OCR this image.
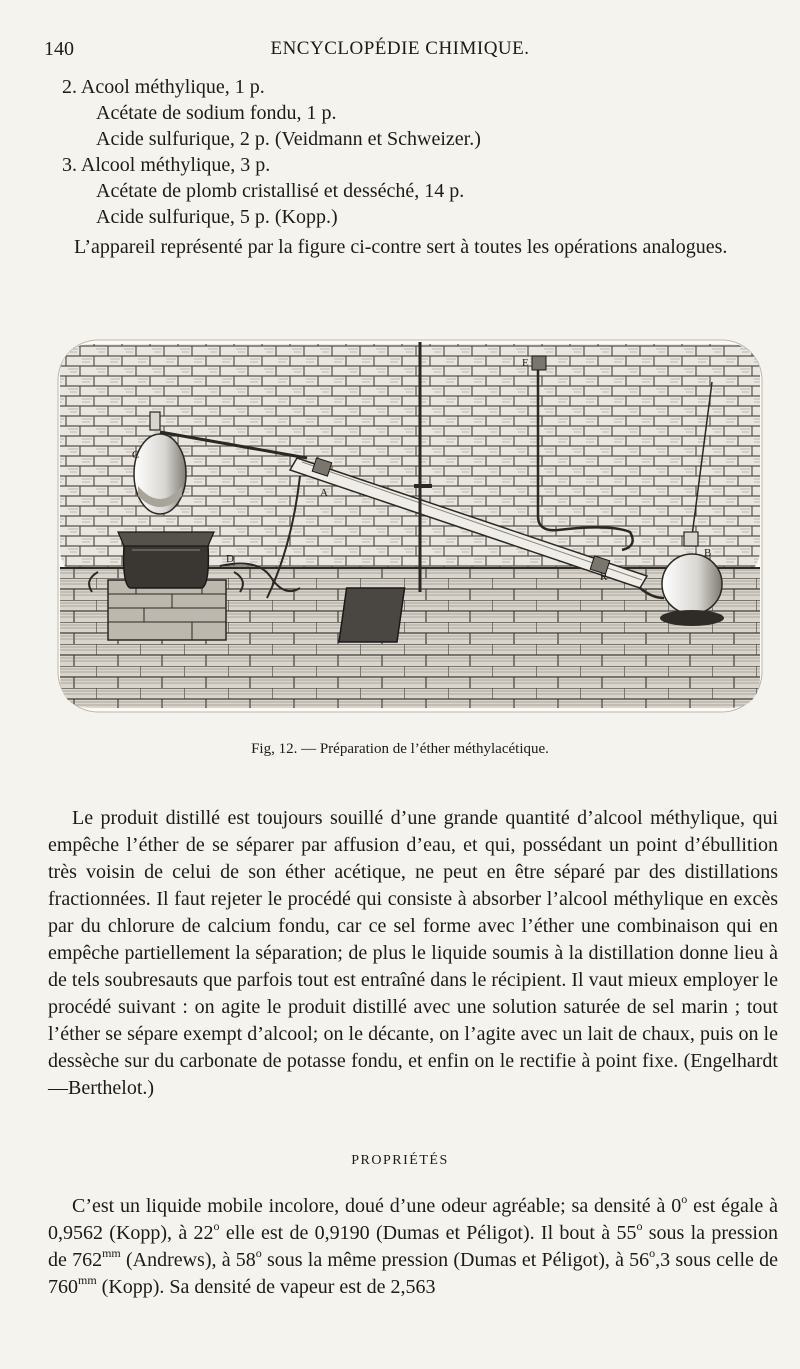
140	ENCYCLOPÉDIE CHIMIQUE.
2. Acool méthylique, 1 p.
Acétate de sodium fondu, 1 p.
Acide sulfurique, 2 p. (Veidmann et Schweizer.)
3. Alcool méthylique, 3 p.
Acétate de plomb cristallisé et desséché, 14 p.
Acide sulfurique, 5 p. (Kopp.)
L’appareil représenté par la figure ci-contre sert à toutes les opérations analogues.
C
A
R
E
B
D
Fig, 12. — Préparation de l’éther méthylacétique.

Le produit distillé est toujours souillé d’une grande quantité d’alcool méthylique, qui empêche l’éther de se séparer par affusion d’eau, et qui, possédant un point d’ébullition très voisin de celui de son éther acétique, ne peut en être séparé par des distillations fractionnées. Il faut rejeter le procédé qui consiste à absorber l’alcool méthylique en excès par du chlorure de calcium fondu, car ce sel forme avec l’éther une combinaison qui en empêche partiellement la séparation; de plus le liquide soumis à la distillation donne lieu à de tels soubresauts que parfois tout est entraîné dans le récipient. Il vaut mieux employer le procédé suivant : on agite le produit distillé avec une solution saturée de sel marin ; tout l’éther se sépare exempt d’alcool; on le décante, on l’agite avec un lait de chaux, puis on le dessèche sur du carbonate de potasse fondu, et enfin on le rectifie à point fixe. (Engelhardt—Berthelot.)

PROPRIÉTÉS

C’est un liquide mobile incolore, doué d’une odeur agréable; sa densité à 0$^o$ est égale à 0,9562 (Kopp), à 22$^o$ elle est de 0,9190 (Dumas et Péligot). Il bout à 55$^o$ sous la pression de $762^{mm}$ (Andrews), à 58$^o$ sous la même pression (Dumas et Péligot), à 56$^o$,3 sous celle de $760^{mm}$ (Kopp). Sa densité de vapeur est de 2,563
